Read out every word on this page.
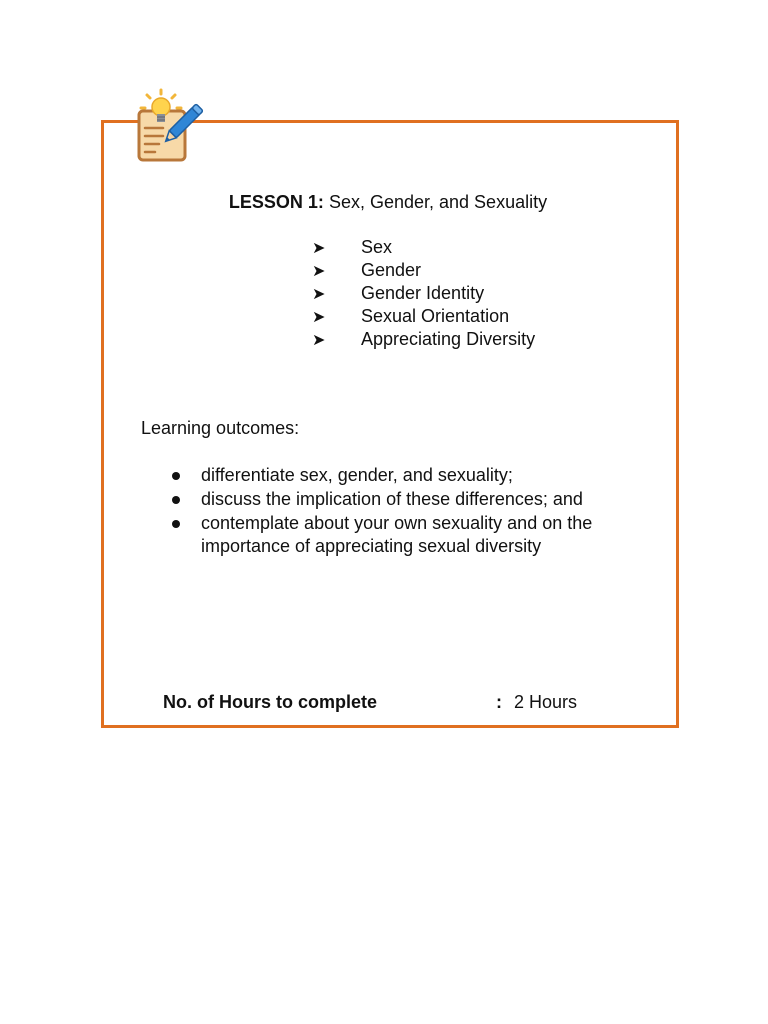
LESSON 1: Sex, Gender, and Sexuality
➤ Sex
➤ Gender
➤ Gender Identity
➤ Sexual Orientation
➤ Appreciating Diversity
Learning outcomes:
differentiate sex, gender, and sexuality;
discuss the implication of these differences; and
contemplate about your own sexuality and on the importance of appreciating sexual diversity
No. of Hours to complete	: 2 Hours
